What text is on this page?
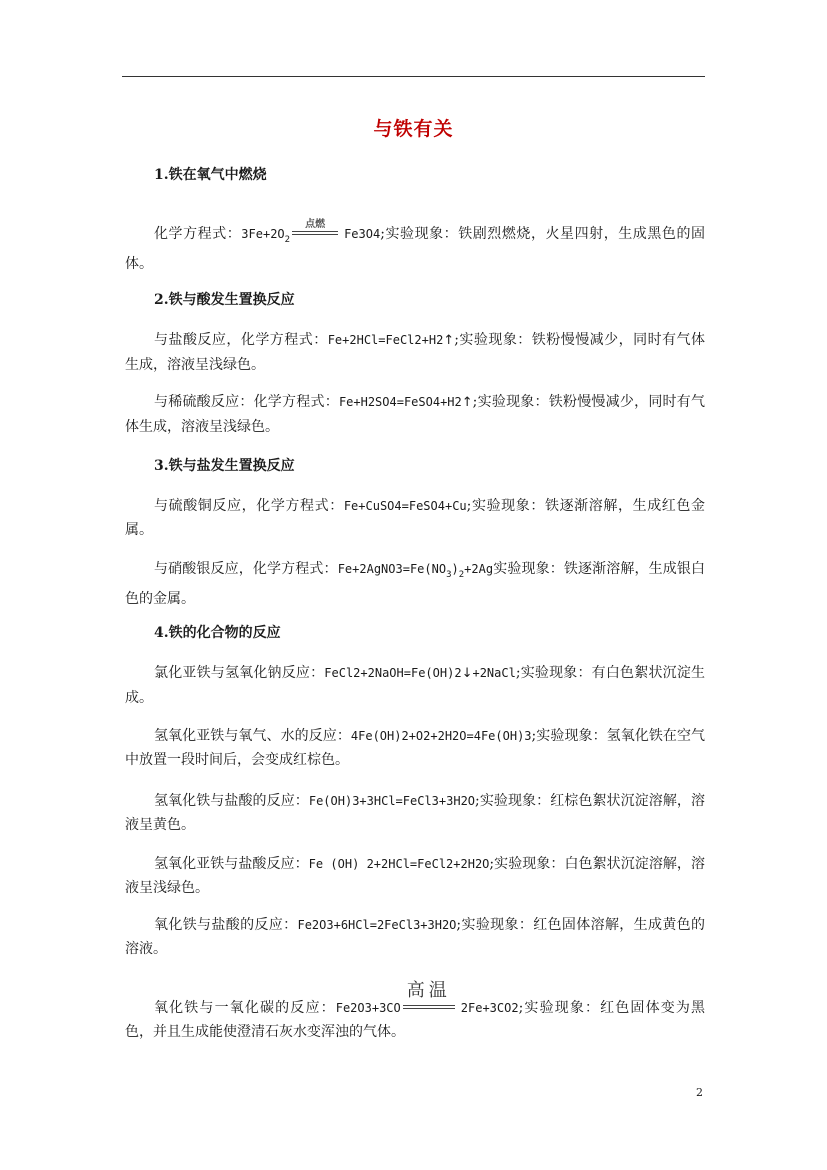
与铁有关
1.铁在氧气中燃烧
化学方程式：$3Fe+2O_2$
点燃
Fe3O4;实验现象：铁剧烈燃烧，火星四射，生成黑色的固体。
2.铁与酸发生置换反应
与盐酸反应，化学方程式：Fe+2HCl=FeCl2+H2↑;实验现象：铁粉慢慢减少，同时有气体生成，溶液呈浅绿色。
与稀硫酸反应：化学方程式：Fe+H2SO4=FeSO4+H2↑;实验现象：铁粉慢慢减少，同时有气体生成，溶液呈浅绿色。
3.铁与盐发生置换反应
与硫酸铜反应，化学方程式：Fe+CuSO4=FeSO4+Cu;实验现象：铁逐渐溶解，生成红色金属。
与硝酸银反应，化学方程式：$Fe+2AgNO3=Fe(NO_3)_2+2Ag$实验现象：铁逐渐溶解，生成银白色的金属。
4.铁的化合物的反应
氯化亚铁与氢氧化钠反应：FeCl2+2NaOH=Fe(OH)2↓+2NaCl;实验现象：有白色絮状沉淀生成。
氢氧化亚铁与氧气、水的反应：4Fe(OH)2+O2+2H2O=4Fe(OH)3;实验现象：氢氧化铁在空气中放置一段时间后，会变成红棕色。
氢氧化铁与盐酸的反应：Fe(OH)3+3HCl=FeCl3+3H2O;实验现象：红棕色絮状沉淀溶解，溶液呈黄色。
氢氧化亚铁与盐酸反应：Fe (OH) 2+2HCl=FeCl2+2H2O;实验现象：白色絮状沉淀溶解，溶液呈浅绿色。
氧化铁与盐酸的反应：Fe2O3+6HCl=2FeCl3+3H2O;实验现象：红色固体溶解，生成黄色的溶液。
氧化铁与一氧化碳的反应：Fe2O3+3CO
高温
2Fe+3CO2;实验现象：红色固体变为黑色，并且生成能使澄清石灰水变浑浊的气体。
2
